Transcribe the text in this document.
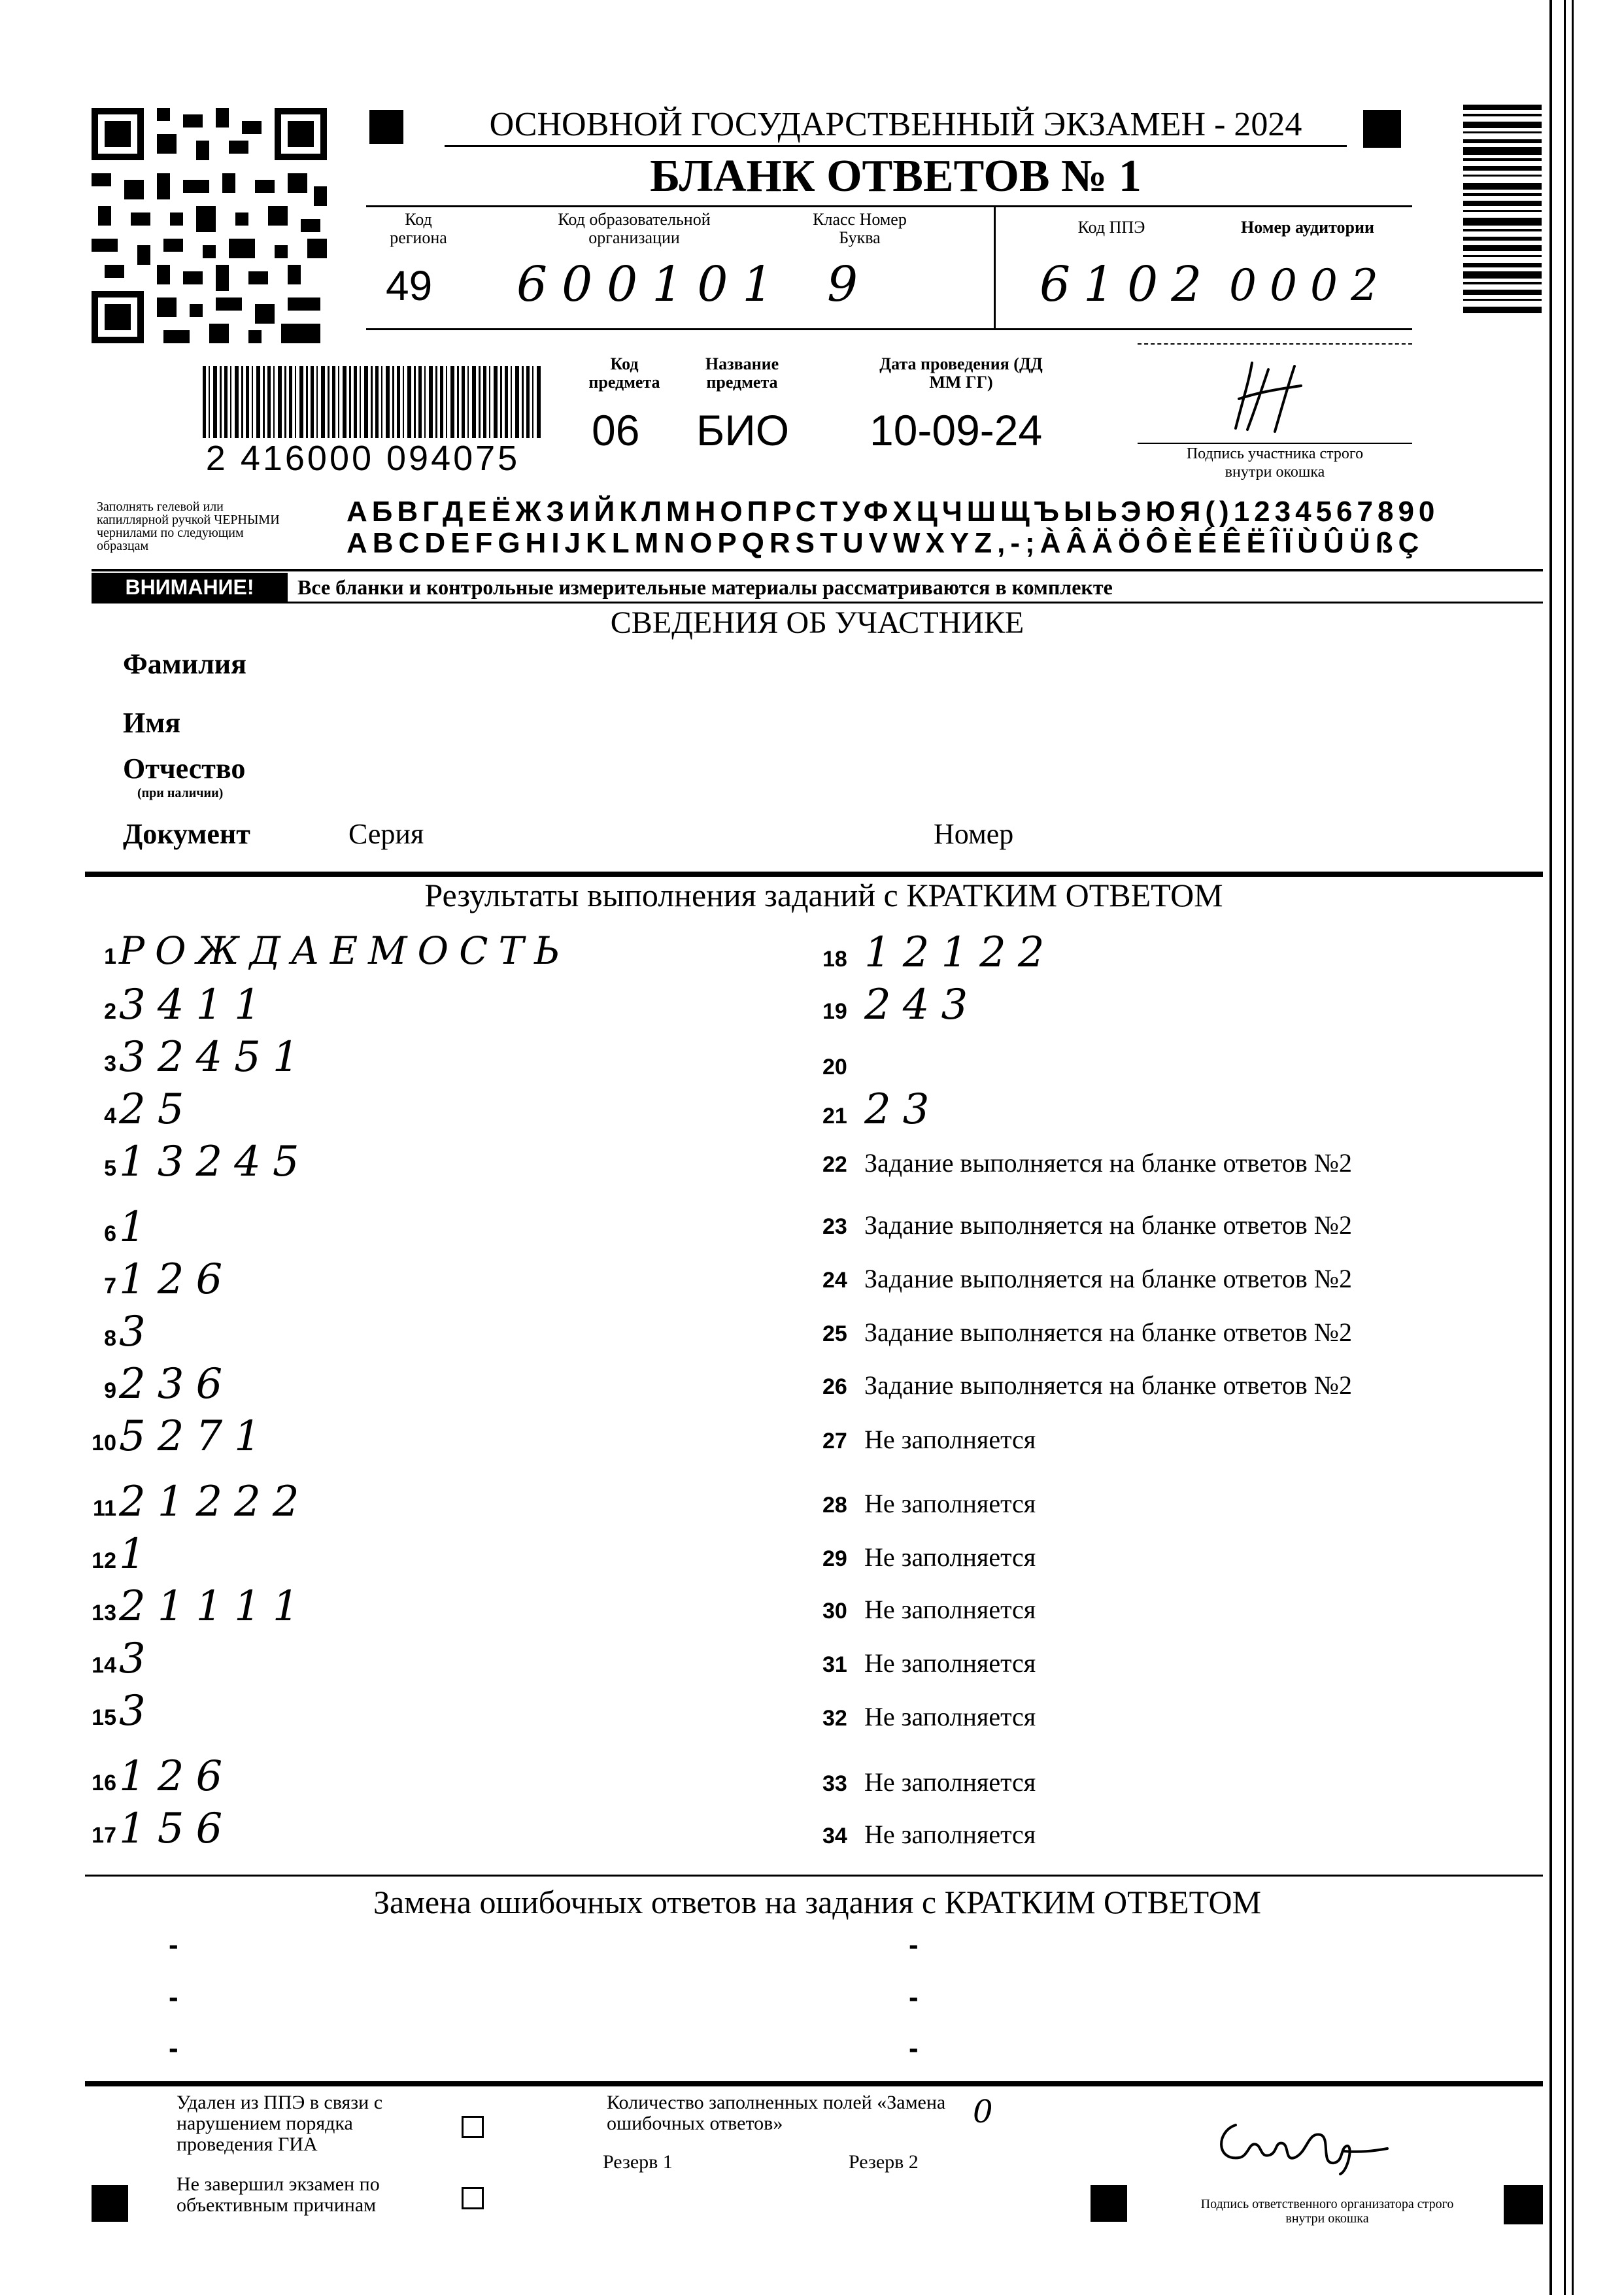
ОСНОВНОЙ ГОСУДАРСТВЕННЫЙ ЭКЗАМЕН - 2024
БЛАНК ОТВЕТОВ № 1
Код региона
49
Код образовательной организации
600101
Класс Номер Буква
9
Код ППЭ
6102
Номер аудитории
0002
2 416000 094075
Код предмета
06
Название предмета
БИО
Дата проведения (ДД ММ ГГ)
10-09-24	Подпись участника строго внутри окошка
Заполнять гелевой или капиллярной ручкой ЧЕРНЫМИ чернилами по следующим образцам
АБВГДЕЁЖЗИЙКЛМНОПРСТУФХЦЧШЩЪЫЬЭЮЯ()1234567890
ABCDEFGHIJKLMNOPQRSTUVWXYZ,-;ÀÂÄÖÔÈÉÊËÎÏÙÛÜßÇ
ВНИМАНИЕ!	Все бланки и контрольные измерительные материалы рассматриваются в комплекте
СВЕДЕНИЯ ОБ УЧАСТНИКЕ
Фамилия
Имя
Отчество
(при наличии)
Документ	Серия	Номер
Результаты выполнения заданий с КРАТКИМ ОТВЕТОМ
1 РОЖДАЕМОСТЬ
2 3411
3 32451
4 25
5 13245
6 1
7 126
8 3
9 236
10 5271
11 21222
12 1
13 21111
14 3
15 3
16 126
17 156
18 12122
19 243
20
21 23
22 Задание выполняется на бланке ответов №2
23 Задание выполняется на бланке ответов №2
24 Задание выполняется на бланке ответов №2
25 Задание выполняется на бланке ответов №2
26 Задание выполняется на бланке ответов №2
27 Не заполняется
28 Не заполняется
29 Не заполняется
30 Не заполняется
31 Не заполняется
32 Не заполняется
33 Не заполняется
34 Не заполняется
Замена ошибочных ответов на задания с КРАТКИМ ОТВЕТОМ
-
-
-
-
-
-
Удален из ППЭ в связи с нарушением порядка проведения ГИА
Не завершил экзамен по объективным причинам
Количество заполненных полей «Замена ошибочных ответов»	0
Резерв 1	Резерв 2
Подпись ответственного организатора строго внутри окошка
